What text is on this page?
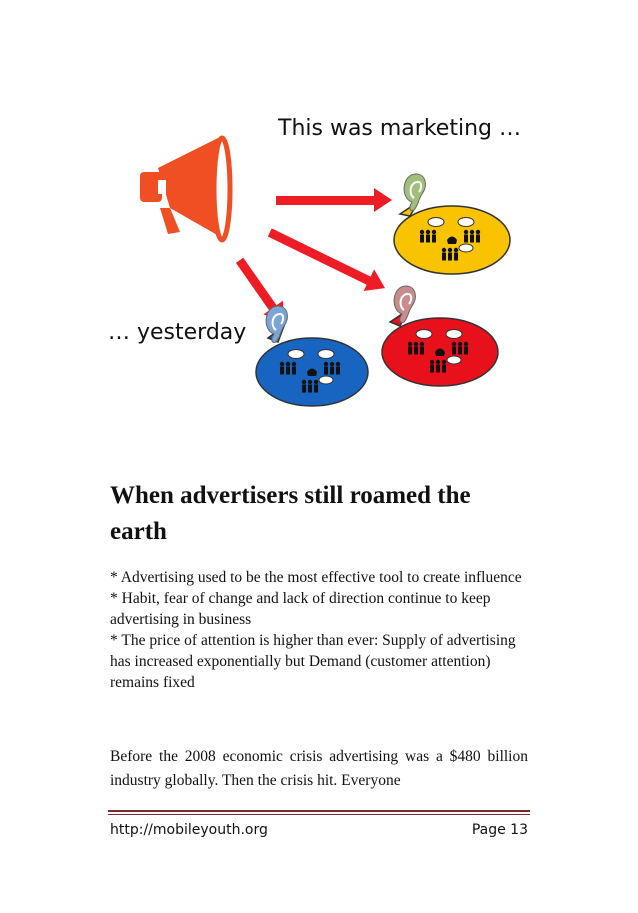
This was marketing …
… yesterday
When advertisers still roamed the earth

* Advertising used to be the most effective tool to create influence

* Habit, fear of change and lack of direction continue to keep advertising in business

* The price of attention is higher than ever: Supply of advertising has increased exponentially but Demand (customer attention) remains fixed

Before the 2008 economic crisis advertising was a $480 billion industry globally. Then the crisis hit. Everyone

http://mobileyouth.org	Page 13
